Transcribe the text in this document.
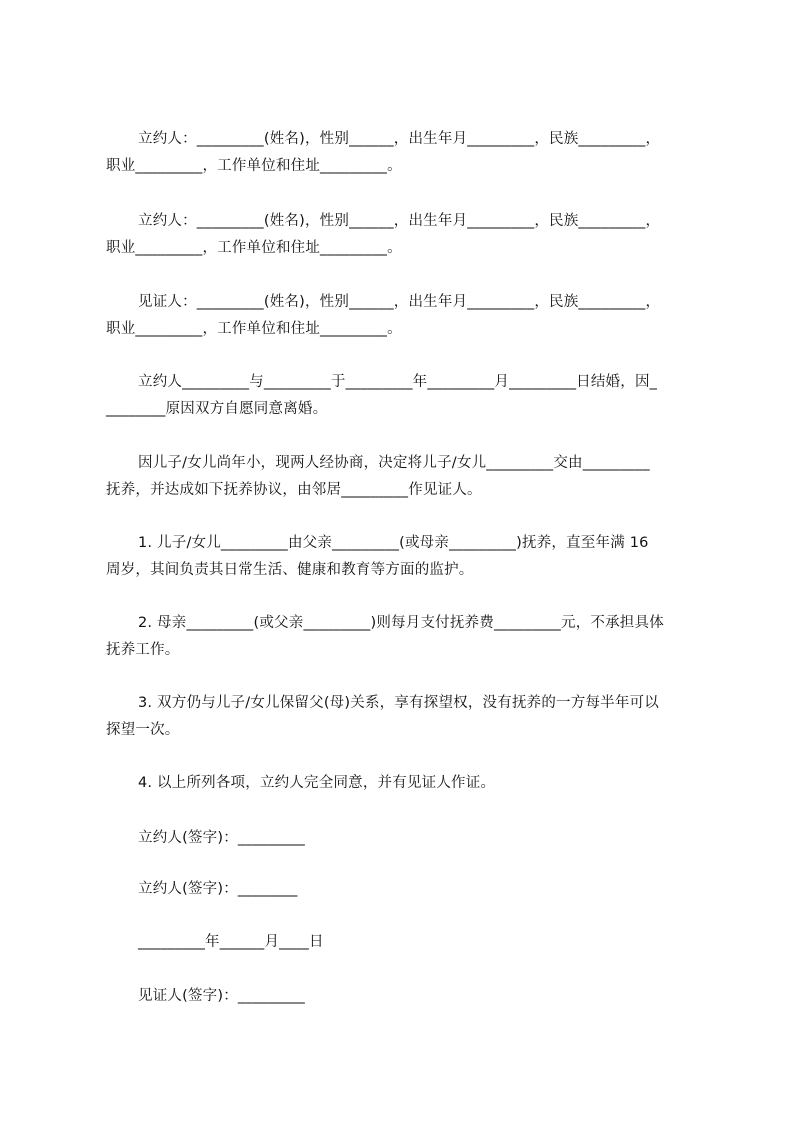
立约人：_________(姓名)，性别______，出生年月_________，民族_________，
职业_________，工作单位和住址_________。
立约人：_________(姓名)，性别______，出生年月_________，民族_________，
职业_________，工作单位和住址_________。
见证人：_________(姓名)，性别______，出生年月_________，民族_________，
职业_________，工作单位和住址_________。
立约人_________与_________于_________年_________月_________日结婚，因_
________原因双方自愿同意离婚。
因儿子/女儿尚年小，现两人经协商，决定将儿子/女儿_________交由_________
抚养，并达成如下抚养协议，由邻居_________作见证人。
1. 儿子/女儿_________由父亲_________(或母亲_________)抚养，直至年满 16
周岁，其间负责其日常生活、健康和教育等方面的监护。
2. 母亲_________(或父亲_________)则每月支付抚养费_________元，不承担具体
抚养工作。
3. 双方仍与儿子/女儿保留父(母)关系，享有探望权，没有抚养的一方每半年可以
探望一次。
4. 以上所列各项，立约人完全同意，并有见证人作证。
立约人(签字)：_________
立约人(签字)：________
_________年______月____日
见证人(签字)：_________
